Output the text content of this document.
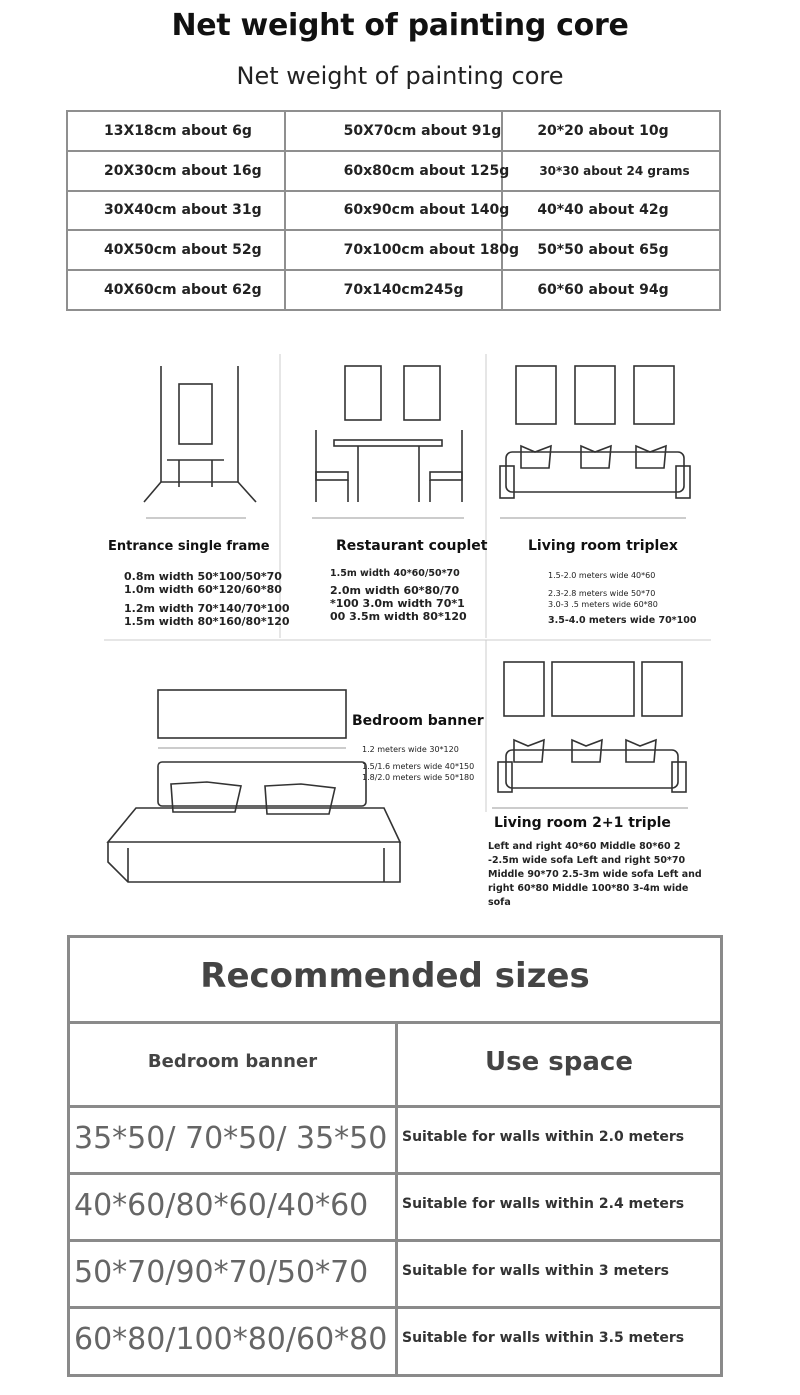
Net weight of painting core
Net weight of painting core
13X18cm about 6g	50X70cm about 91g	20*20 about 10g
20X30cm about 16g	60x80cm about 125g	30*30 about 24 grams
30X40cm about 31g	60x90cm about 140g	40*40 about 42g
40X50cm about 52g	70x100cm about 180g	50*50 about 65g
40X60cm about 62g	70x140cm245g	60*60 about 94g
Entrance single frame
0.8m width 50*100/50*70
1.0m width 60*120/60*80
1.2m width 70*140/70*100
1.5m width 80*160/80*120
Restaurant couplet
1.5m width 40*60/50*70
2.0m width 60*80/70 *100 3.0m width 70*1 00 3.5m width 80*120
Living room triplex
1.5-2.0 meters wide 40*60
2.3-2.8 meters wide 50*70 3.0-3 .5 meters wide 60*80
3.5-4.0 meters wide 70*100
Bedroom banner
1.2 meters wide 30*120
1.5/1.6 meters wide 40*150
1.8/2.0 meters wide 50*180
Living room 2+1 triple
Left and right 40*60 Middle 80*60 2 -2.5m wide sofa Left and right 50*70 Middle 90*70 2.5-3m wide sofa Left and right 60*80 Middle 100*80 3-4m wide sofa
Recommended sizes
Bedroom banner	Use space
35*50/ 70*50/ 35*50	Suitable for walls within 2.0 meters
40*60/80*60/40*60	Suitable for walls within 2.4 meters
50*70/90*70/50*70	Suitable for walls within 3 meters
60*80/100*80/60*80	Suitable for walls within 3.5 meters
